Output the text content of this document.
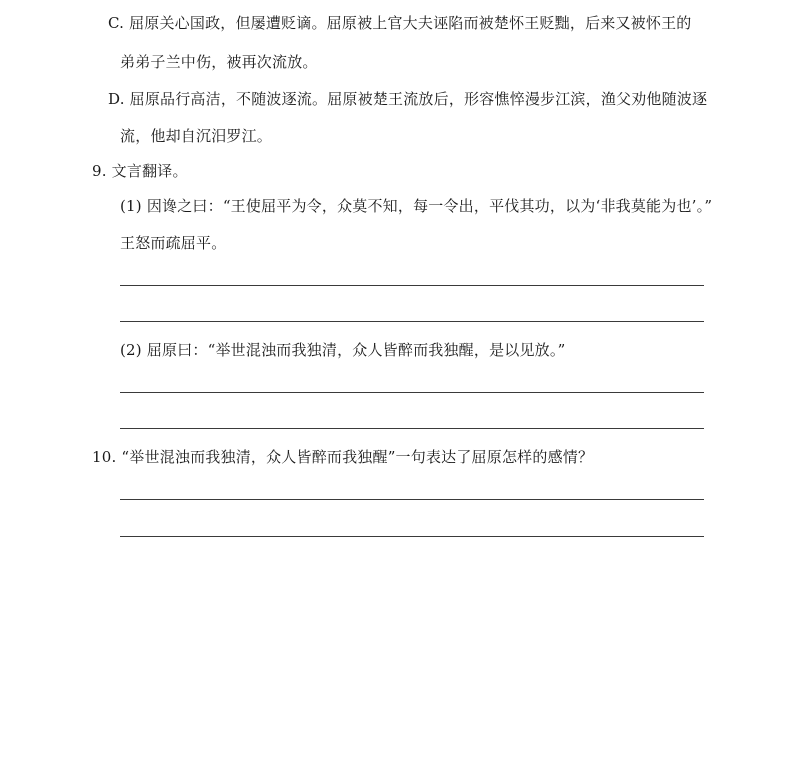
C. 屈原关心国政，但屡遭贬谪。屈原被上官大夫诬陷而被楚怀王贬黜，后来又被怀王的
弟弟子兰中伤，被再次流放。
D. 屈原品行高洁，不随波逐流。屈原被楚王流放后，形容憔悴漫步江滨，渔父劝他随波逐
流，他却自沉汨罗江。
9. 文言翻译。
(1) 因谗之曰：“王使屈平为令，众莫不知，每一令出，平伐其功，以为‘非我莫能为也’。”
王怒而疏屈平。
(2) 屈原曰：“举世混浊而我独清，众人皆醉而我独醒，是以见放。”
10. “举世混浊而我独清，众人皆醉而我独醒”一句表达了屈原怎样的感情？
